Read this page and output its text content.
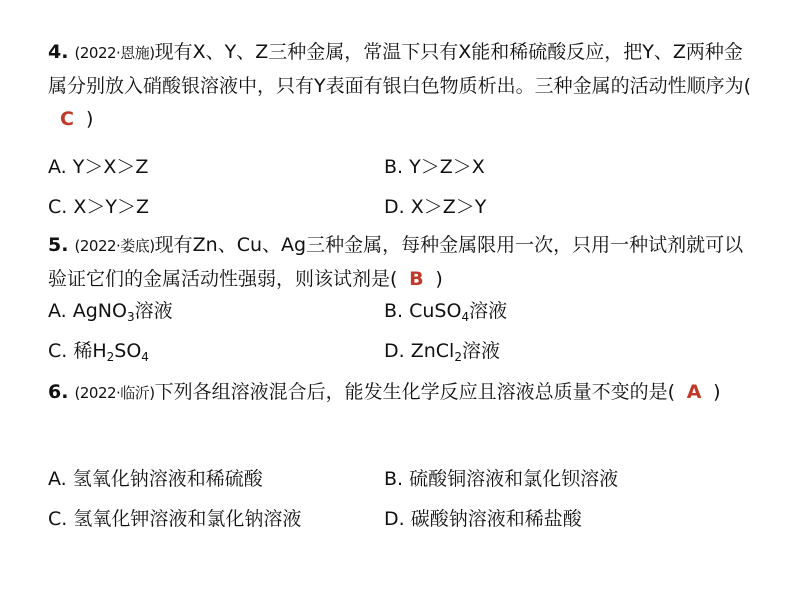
4. (2022·恩施)现有X、Y、Z三种金属，常温下只有X能和稀硫酸反应，把Y、Z两种金属分别放入硝酸银溶液中，只有Y表面有银白色物质析出。三种金属的活动性顺序为(C )
A. Y＞X＞Z	B. Y＞Z＞X
C. X＞Y＞Z	D. X＞Z＞Y
5. (2022·娄底)现有Zn、Cu、Ag三种金属，每种金属限用一次，只用一种试剂就可以验证它们的金属活动性强弱，则该试剂是( B )
A. AgNO$_3$溶液	B. CuSO$_4$溶液
C. 稀$H_2SO_4$	D. ZnCl$_2$溶液
6. (2022·临沂)下列各组溶液混合后，能发生化学反应且溶液总质量不变的是( A )
A. 氢氧化钠溶液和稀硫酸	B. 硫酸铜溶液和氯化钡溶液
C. 氢氧化钾溶液和氯化钠溶液	D. 碳酸钠溶液和稀盐酸
